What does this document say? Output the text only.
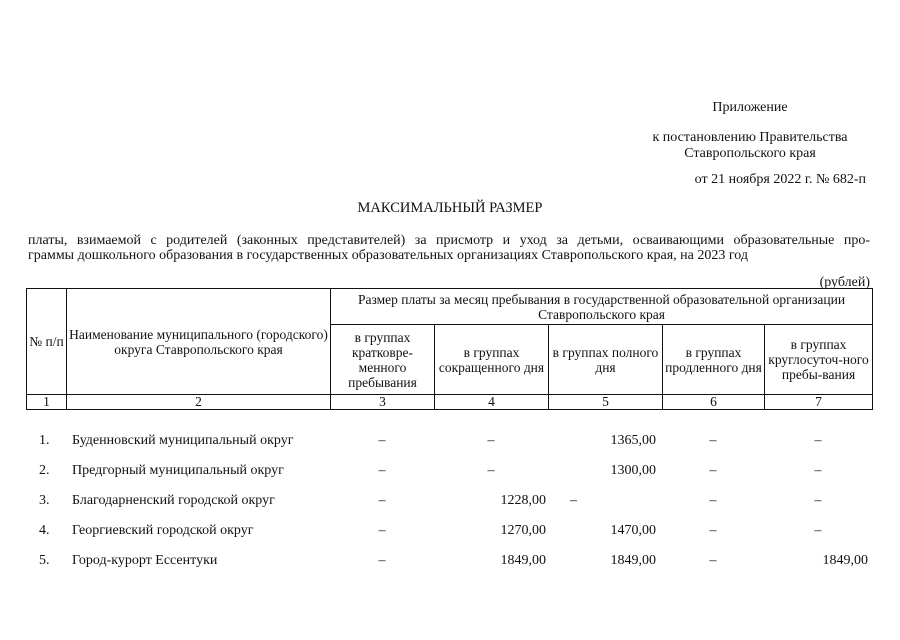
Приложение
к постановлению Правительства
Ставропольского края
от 21 ноября 2022 г. № 682-п
МАКСИМАЛЬНЫЙ РАЗМЕР
платы, взимаемой с родителей (законных представителей) за присмотр и уход за детьми, осваивающими образовательные про-
граммы дошкольного образования в государственных образовательных организациях Ставропольского края, на 2023 год
(рублей)
№ п/п	Наименование муниципального (городского) округа Ставропольского края	Размер платы за месяц пребывания в государственной образовательной организации Ставропольского края				
		в группах кратковре-менного пребывания	в группах сокращенного дня	в группах полного дня	в группах продленного дня	в группах круглосуточ-ного пребы-вания
1	2	3	4	5	6	7
1.	Буденновский муниципальный округ	–	–	1365,00	–	–
2.	Предгорный муниципальный округ	–	–	1300,00	–	–
3.	Благодарненский городской округ	–	1228,00	–	–	–
4.	Георгиевский городской округ	–	1270,00	1470,00	–	–
5.	Город-курорт Ессентуки	–	1849,00	1849,00	–	1849,00
